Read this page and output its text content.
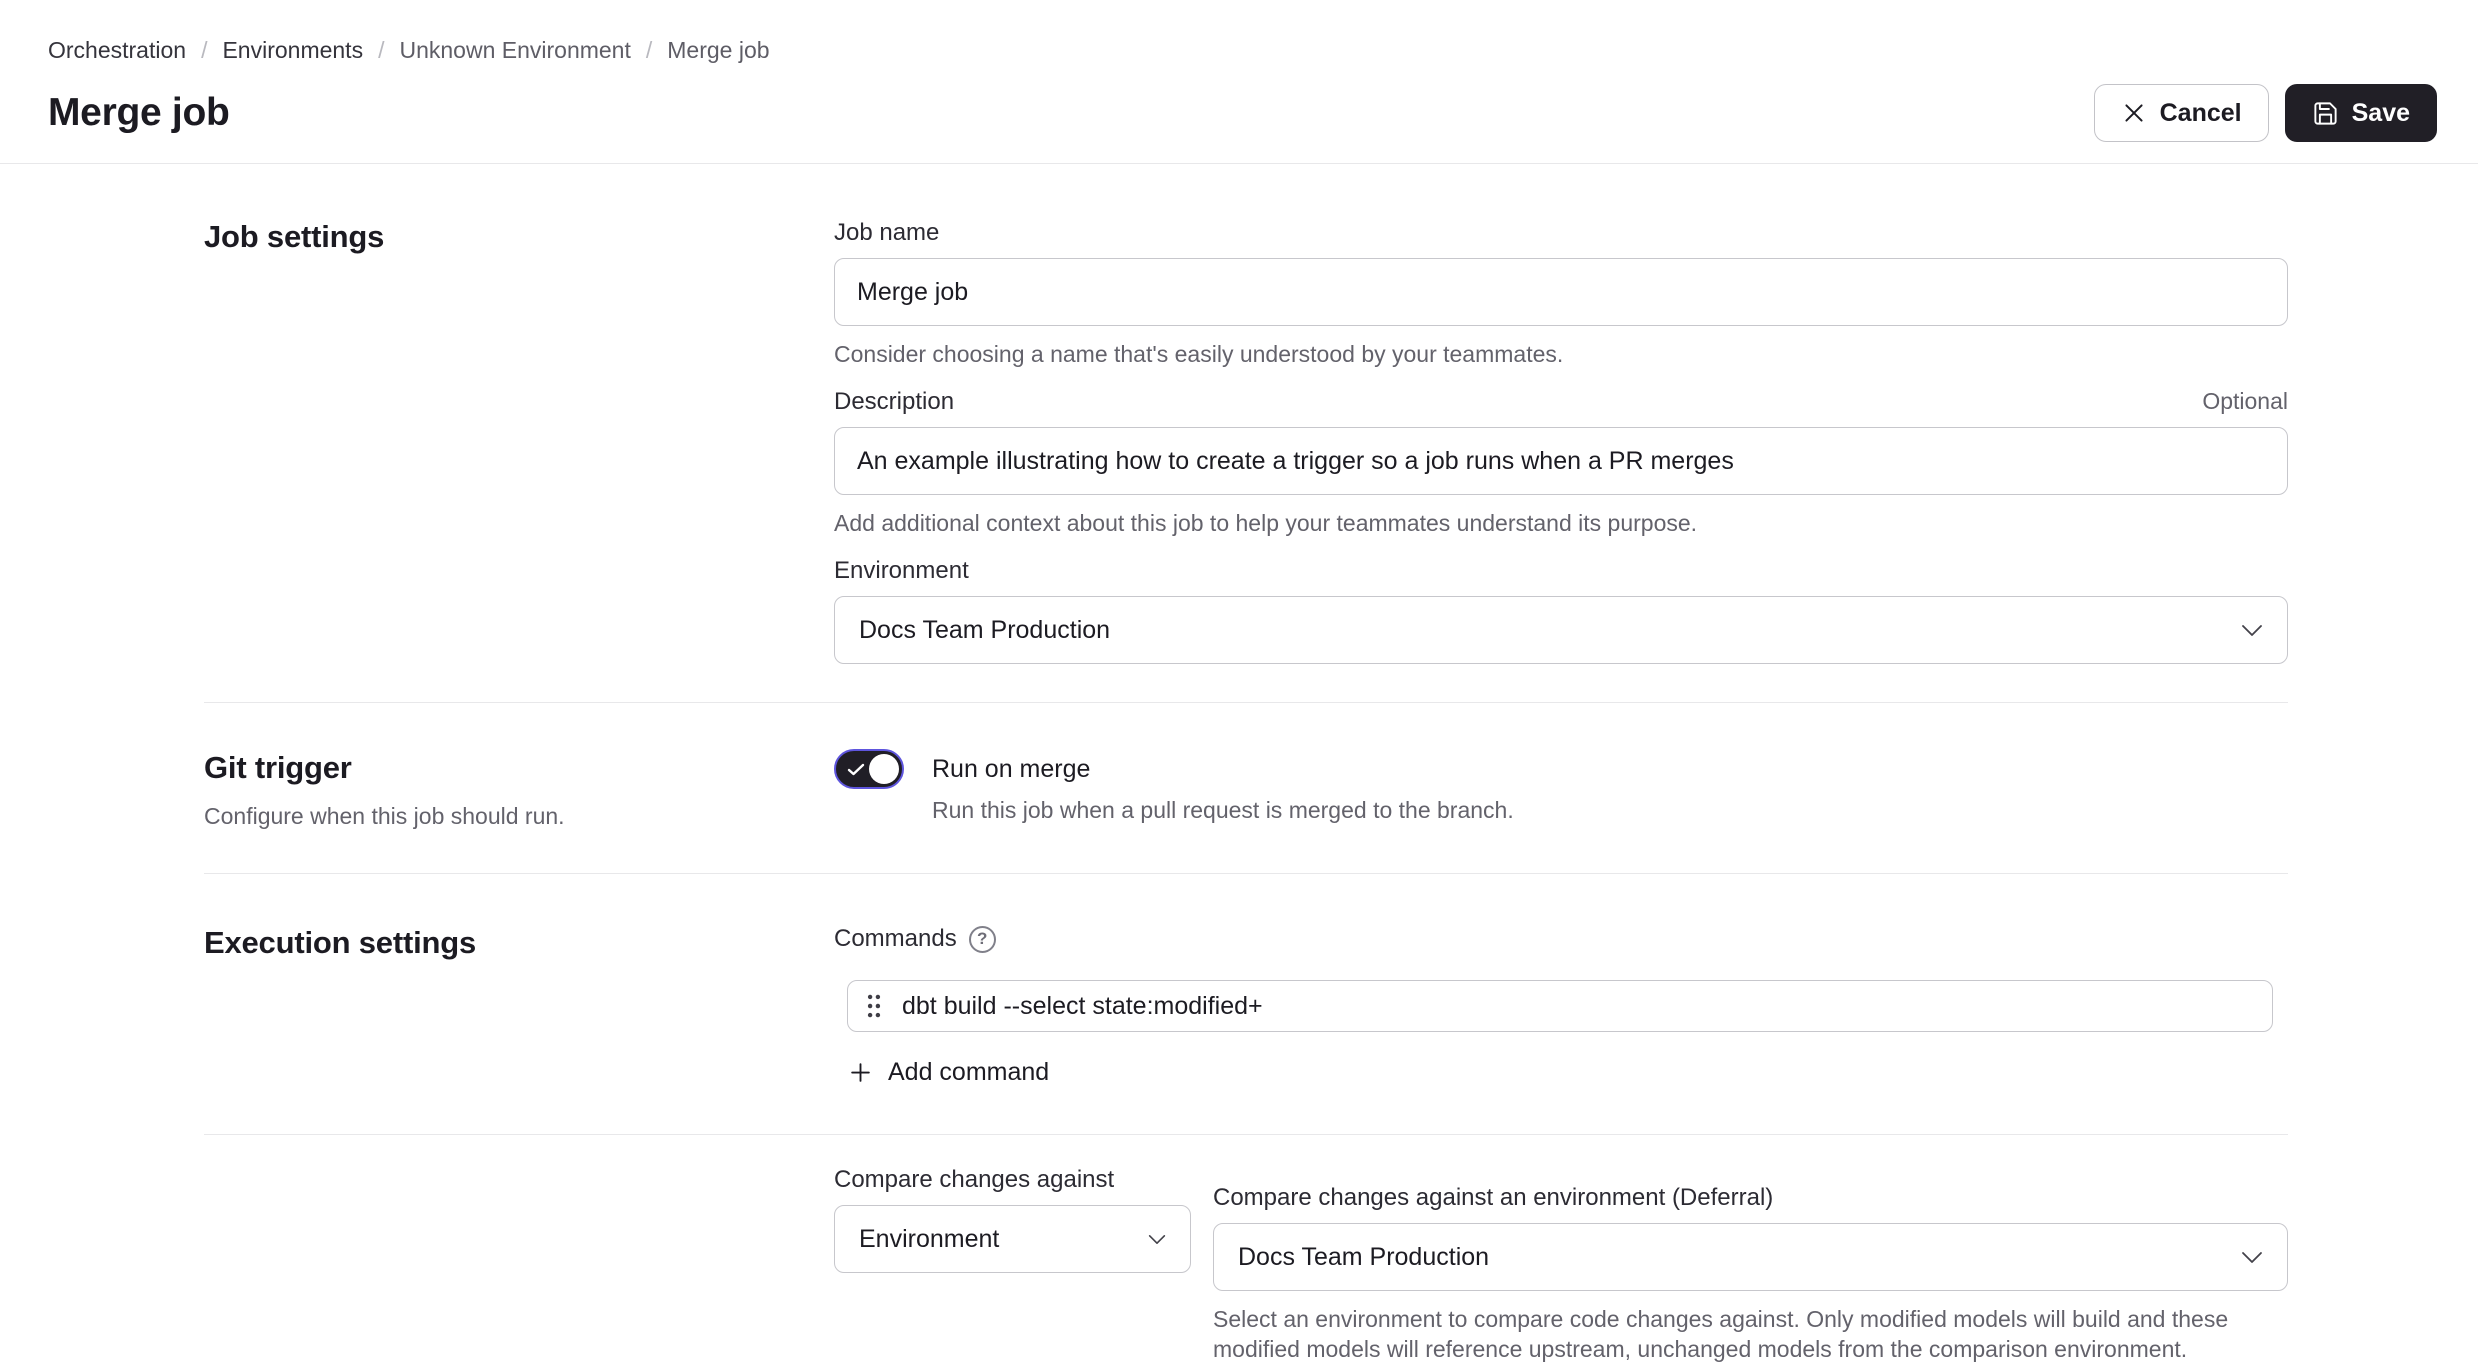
Orchestration / Environments / Unknown Environment / Merge job
Merge job	Cancel	Save
Job settings	Job name
Merge job

Consider choosing a name that's easily understood by your teammates.

Description	Optional
An example illustrating how to create a trigger so a job runs when a PR merges

Add additional context about this job to help your teammates understand its purpose.

Environment
Docs Team Production
Git trigger

Configure when this job should run.

Run on merge

Run this job when a pull request is merged to the branch.

Execution settings	Commands	?
dbt build --select state:modified+
Add command
Compare changes against
Environment
Compare changes against an environment (Deferral)
Docs Team Production

Select an environment to compare code changes against. Only modified models will build and these modified models will reference upstream, unchanged models from the comparison environment.
